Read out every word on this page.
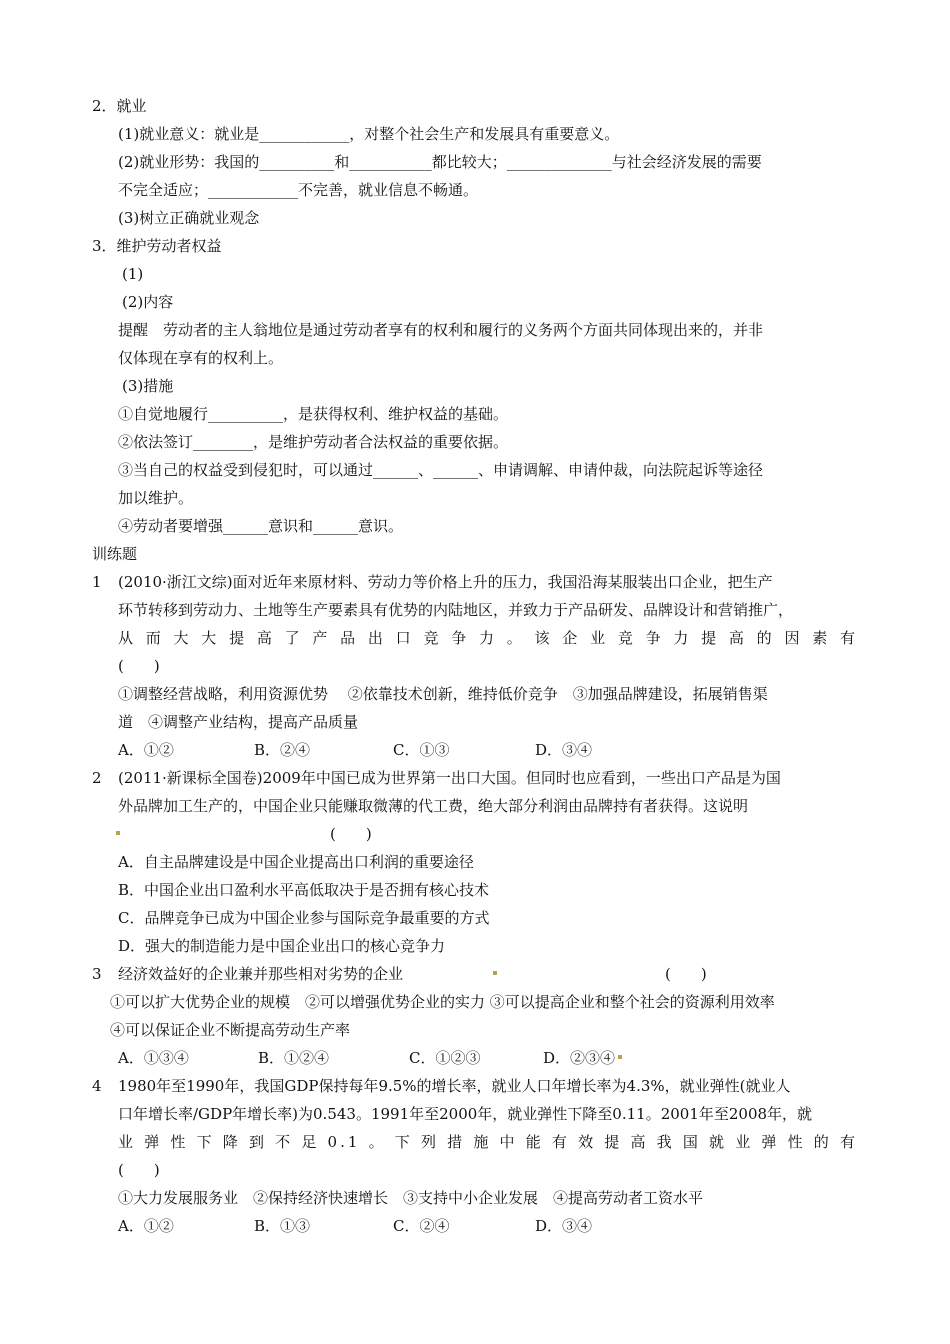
2．就业
(1)就业意义：就业是____________，对整个社会生产和发展具有重要意义。
(2)就业形势：我国的__________和___________都比较大；______________与社会经济发展的需要
不完全适应；____________不完善，就业信息不畅通。
(3)树立正确就业观念
3．维护劳动者权益
(1)
(2)内容
提醒　劳动者的主人翁地位是通过劳动者享有的权利和履行的义务两个方面共同体现出来的，并非
仅体现在享有的权利上。
(3)措施
①自觉地履行__________，是获得权利、维护权益的基础。
②依法签订________，是维护劳动者合法权益的重要依据。
③当自己的权益受到侵犯时，可以通过______、______、申请调解、申请仲裁，向法院起诉等途径
加以维护。
④劳动者要增强______意识和______意识。
训练题
1 (2010·浙江文综)面对近年来原材料、劳动力等价格上升的压力，我国沿海某服装出口企业，把生产
环节转移到劳动力、土地等生产要素具有优势的内陆地区，并致力于产品研发、品牌设计和营销推广，
从而大大提高了产品出口竞争力。该企业竞争力提高的因素有
(　　)
①调整经营战略，利用资源优势　 ②依靠技术创新，维持低价竞争　③加强品牌建设，拓展销售渠
道　④调整产业结构，提高产品质量
A．①②	B．②④	C．①③	D．③④
2 (2011·新课标全国卷)2009年中国已成为世界第一出口大国。但同时也应看到，一些出口产品是为国
外品牌加工生产的，中国企业只能赚取微薄的代工费，绝大部分利润由品牌持有者获得。这说明
(　　)
A．自主品牌建设是中国企业提高出口利润的重要途径
B．中国企业出口盈利水平高低取决于是否拥有核心技术
C．品牌竞争已成为中国企业参与国际竞争最重要的方式
D．强大的制造能力是中国企业出口的核心竞争力
3 经济效益好的企业兼并那些相对劣势的企业	(　　)
①可以扩大优势企业的规模　②可以增强优势企业的实力 ③可以提高企业和整个社会的资源利用效率
④可以保证企业不断提高劳动生产率
A．①③④	B．①②④	C．①②③	D．②③④
4 1980年至1990年，我国GDP保持每年9.5%的增长率，就业人口年增长率为4.3%，就业弹性(就业人
口年增长率/GDP年增长率)为0.543。1991年至2000年，就业弹性下降至0.11。2001年至2008年，就
业弹性下降到不足0.1。下列措施中能有效提高我国就业弹性的有
(　　)
①大力发展服务业　②保持经济快速增长　③支持中小企业发展　④提高劳动者工资水平
A．①②	B．①③	C．②④	D．③④
